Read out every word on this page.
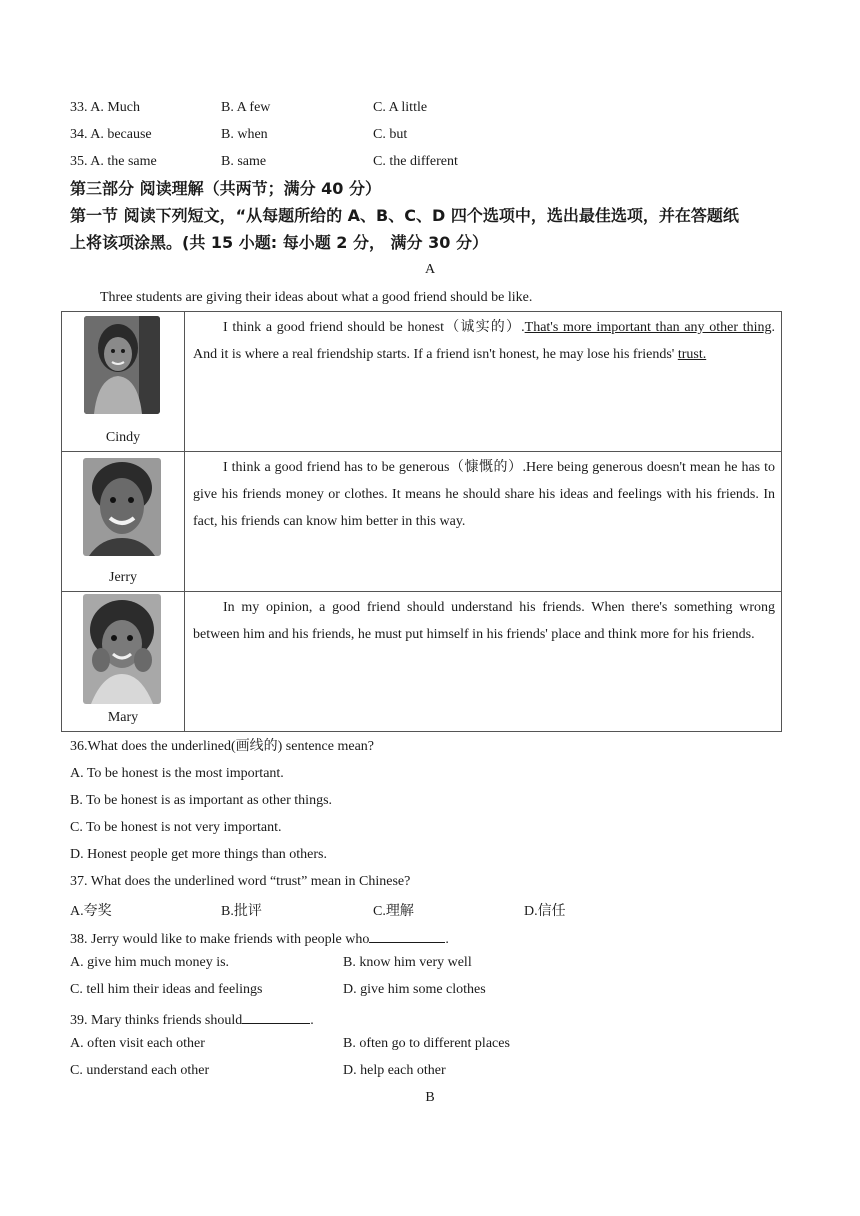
33. A. Much	B. A few	C. A little
34. A. because	B. when	C. but
35. A. the same	B. same	C. the different
第三部分 阅读理解（共两节；满分 40 分）
第一节 阅读下列短文，“从每题所给的 A、B、C、D 四个选项中，选出最佳选项，并在答题纸
上将该项涂黑。(共 15 小题: 每小题 2 分， 满分 30 分）
A
Three students are giving their ideas about what a good friend should be like.
Cindy	I think a good friend should be honest（诚实的）.That's more important than any other thing. And it is where a real friendship starts. If a friend isn't honest, he may lose his friends' trust.

Jerry	I think a good friend has to be generous（慷慨的）.Here being generous doesn't mean he has to give his friends money or clothes. It means he should share his ideas and feelings with his friends. In fact, his friends can know him better in this way.

Mary	In my opinion, a good friend should understand his friends. When there's something wrong between him and his friends, he must put himself in his friends' place and think more for his friends.
36.What does the underlined(画线的) sentence mean?
A. To be honest is the most important.
B. To be honest is as important as other things.
C. To be honest is not very important.
D. Honest people get more things than others.
37. What does the underlined word “trust” mean in Chinese?
A.夸奖	B.批评	C.理解	D.信任
38. Jerry would like to make friends with people who	.
A. give him much money is.	B. know him very well
C. tell him their ideas and feelings	D. give him some clothes
39. Mary thinks friends should	.
A. often visit each other	B. often go to different places
C. understand each other	D. help each other
B
